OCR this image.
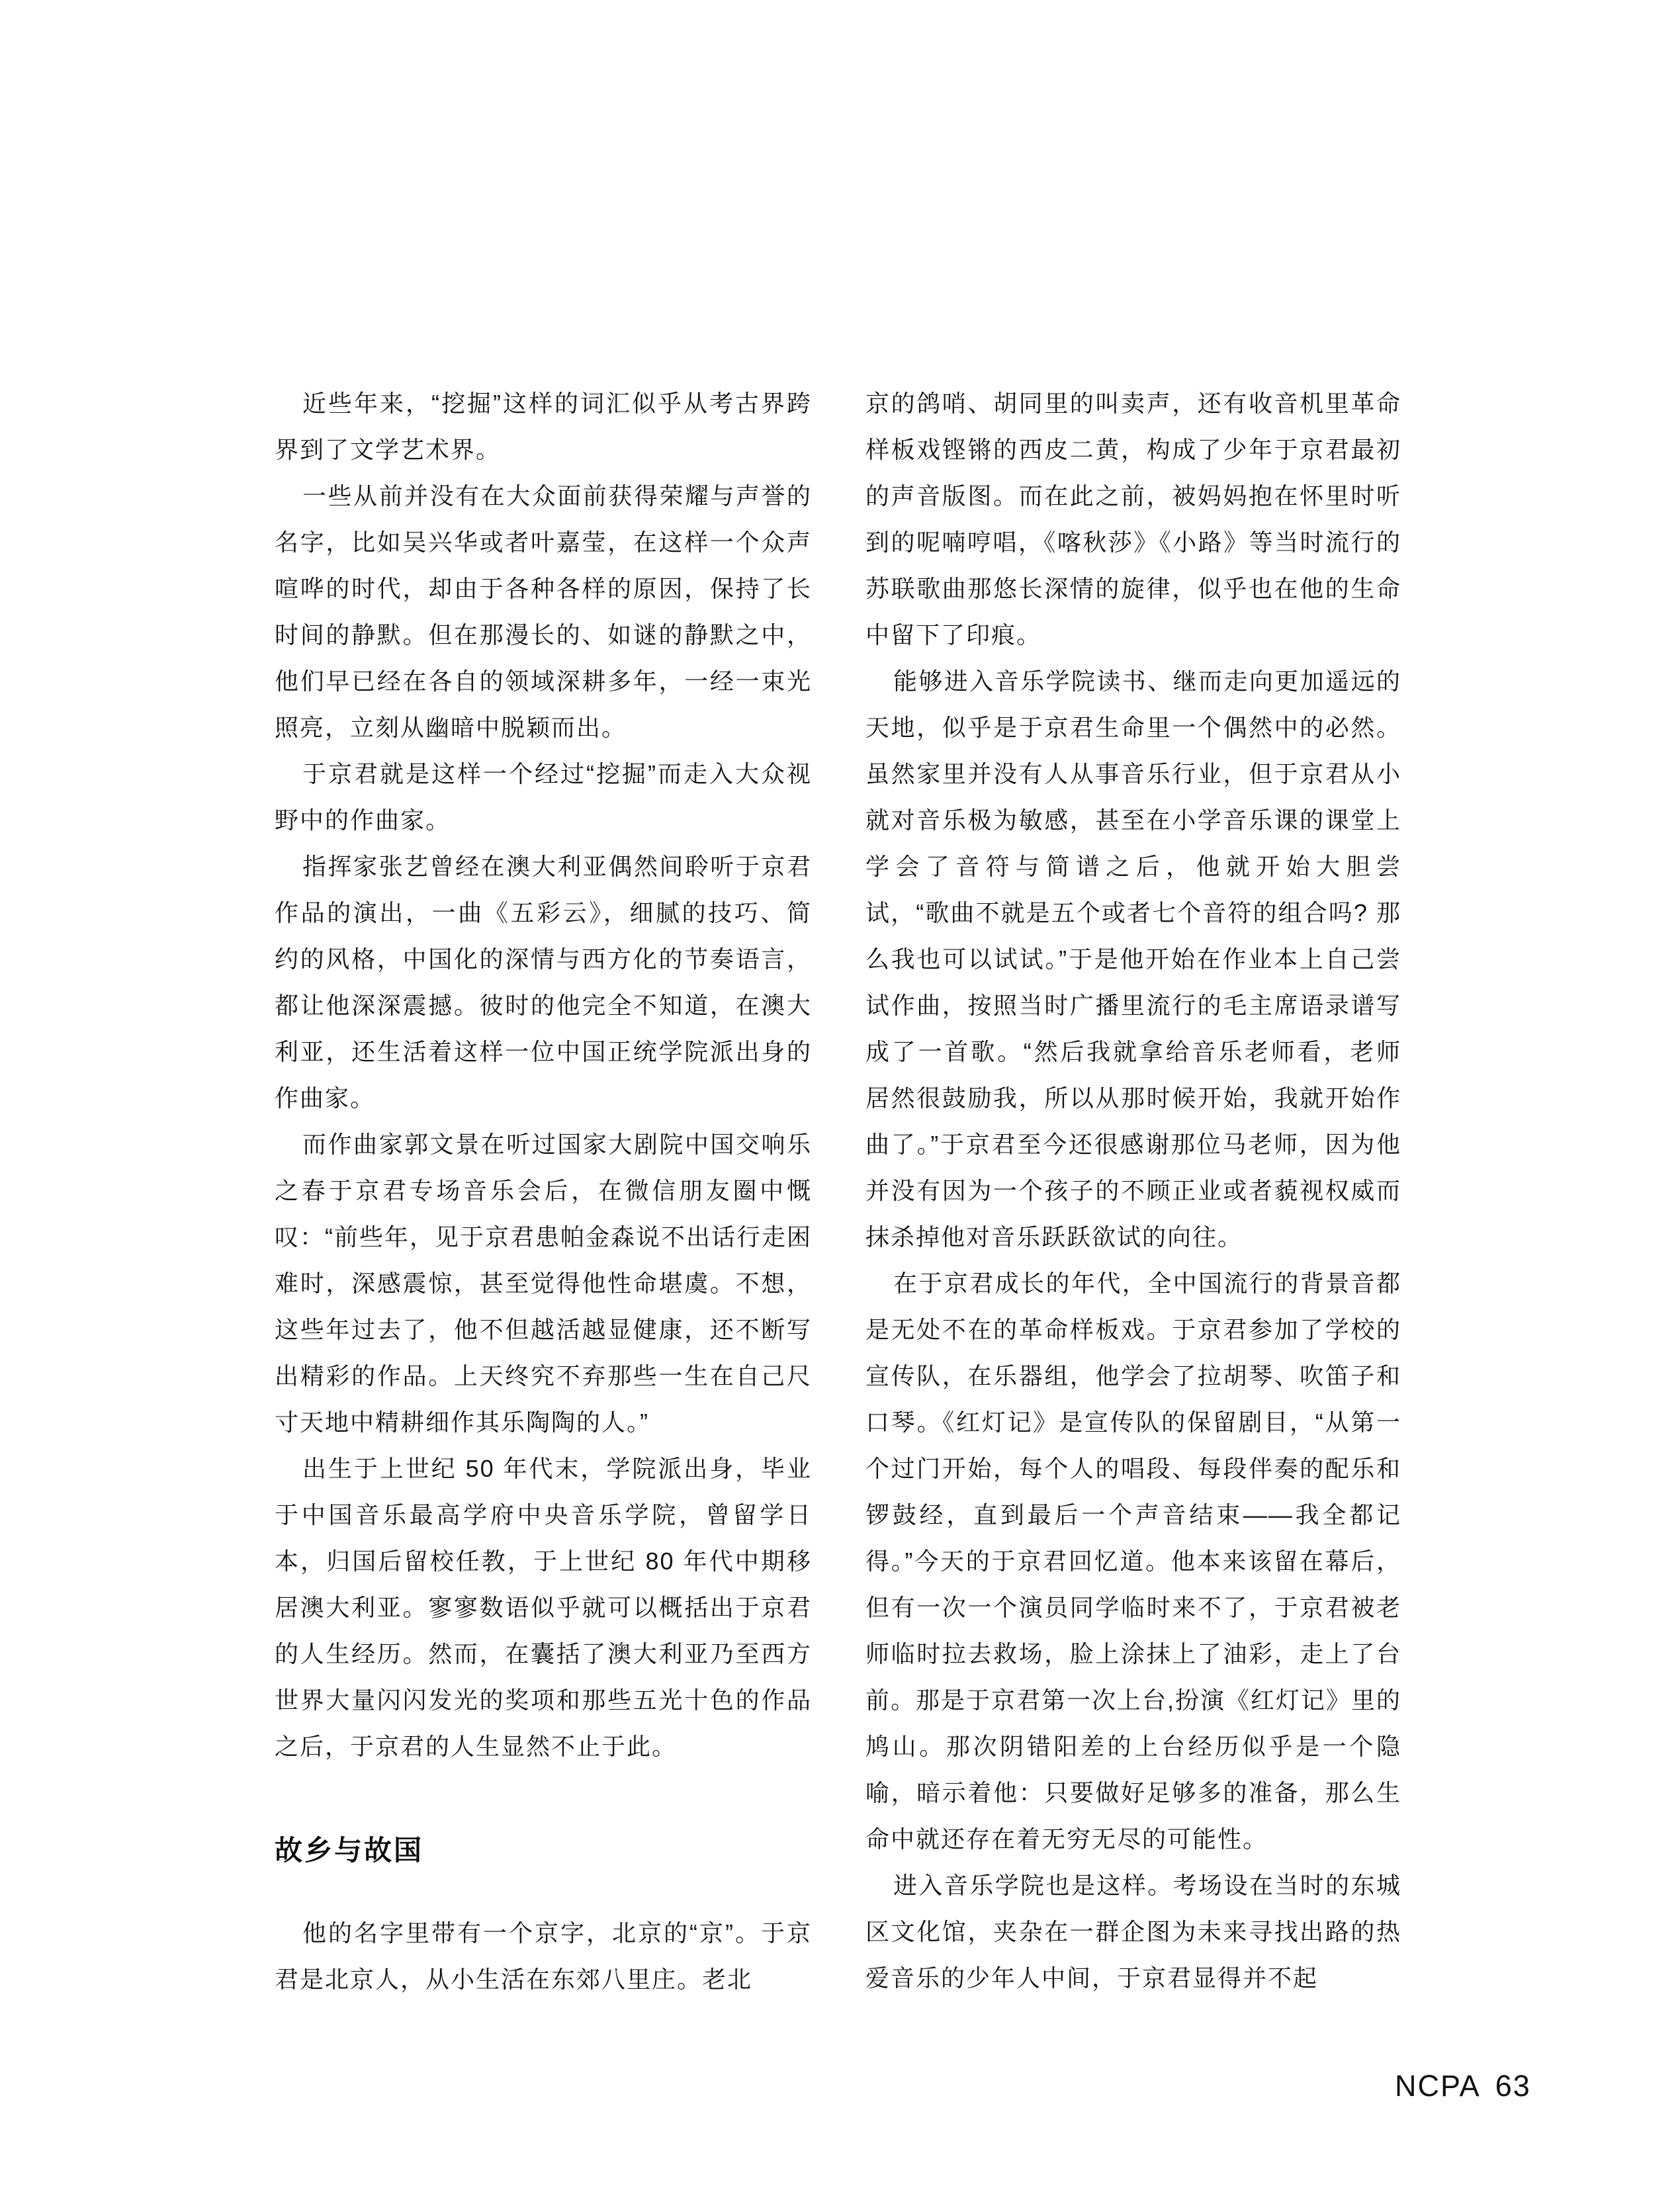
近些年来，“挖掘”这样的词汇似乎从考古界跨界到了文学艺术界。

一些从前并没有在大众面前获得荣耀与声誉的名字，比如吴兴华或者叶嘉莹，在这样一个众声喧哗的时代，却由于各种各样的原因，保持了长时间的静默。但在那漫长的、如谜的静默之中，他们早已经在各自的领域深耕多年，一经一束光照亮，立刻从幽暗中脱颖而出。

于京君就是这样一个经过“挖掘”而走入大众视野中的作曲家。

指挥家张艺曾经在澳大利亚偶然间聆听于京君作品的演出，一曲《五彩云》，细腻的技巧、简约的风格，中国化的深情与西方化的节奏语言，都让他深深震撼。彼时的他完全不知道，在澳大利亚，还生活着这样一位中国正统学院派出身的作曲家。

而作曲家郭文景在听过国家大剧院中国交响乐之春于京君专场音乐会后，在微信朋友圈中慨叹：“前些年，见于京君患帕金森说不出话行走困难时，深感震惊，甚至觉得他性命堪虞。不想，这些年过去了，他不但越活越显健康，还不断写出精彩的作品。上天终究不弃那些一生在自己尺寸天地中精耕细作其乐陶陶的人。”

出生于上世纪 50 年代末，学院派出身，毕业于中国音乐最高学府中央音乐学院，曾留学日本，归国后留校任教，于上世纪 80 年代中期移居澳大利亚。寥寥数语似乎就可以概括出于京君的人生经历。然而，在囊括了澳大利亚乃至西方世界大量闪闪发光的奖项和那些五光十色的作品之后，于京君的人生显然不止于此。

故乡与故国

他的名字里带有一个京字，北京的“京”。于京君是北京人，从小生活在东郊八里庄。老北

京的鸽哨、胡同里的叫卖声，还有收音机里革命样板戏铿锵的西皮二黄，构成了少年于京君最初的声音版图。而在此之前，被妈妈抱在怀里时听到的呢喃哼唱，《喀秋莎》《小路》等当时流行的苏联歌曲那悠长深情的旋律，似乎也在他的生命中留下了印痕。

能够进入音乐学院读书、继而走向更加遥远的天地，似乎是于京君生命里一个偶然中的必然。虽然家里并没有人从事音乐行业，但于京君从小就对音乐极为敏感，甚至在小学音乐课的课堂上学会了音符与简谱之后，他就开始大胆尝试，“歌曲不就是五个或者七个音符的组合吗? 那么我也可以试试。”于是他开始在作业本上自己尝试作曲，按照当时广播里流行的毛主席语录谱写成了一首歌。“然后我就拿给音乐老师看，老师居然很鼓励我，所以从那时候开始，我就开始作曲了。”于京君至今还很感谢那位马老师，因为他并没有因为一个孩子的不顾正业或者藐视权威而抹杀掉他对音乐跃跃欲试的向往。

在于京君成长的年代，全中国流行的背景音都是无处不在的革命样板戏。于京君参加了学校的宣传队，在乐器组，他学会了拉胡琴、吹笛子和口琴。《红灯记》是宣传队的保留剧目，“从第一个过门开始，每个人的唱段、每段伴奏的配乐和锣鼓经，直到最后一个声音结束——我全都记得。”今天的于京君回忆道。他本来该留在幕后，但有一次一个演员同学临时来不了，于京君被老师临时拉去救场，脸上涂抹上了油彩，走上了台前。那是于京君第一次上台,扮演《红灯记》里的鸠山。那次阴错阳差的上台经历似乎是一个隐喻，暗示着他：只要做好足够多的准备，那么生命中就还存在着无穷无尽的可能性。

进入音乐学院也是这样。考场设在当时的东城区文化馆，夹杂在一群企图为未来寻找出路的热爱音乐的少年人中间，于京君显得并不起

NCPA 63
